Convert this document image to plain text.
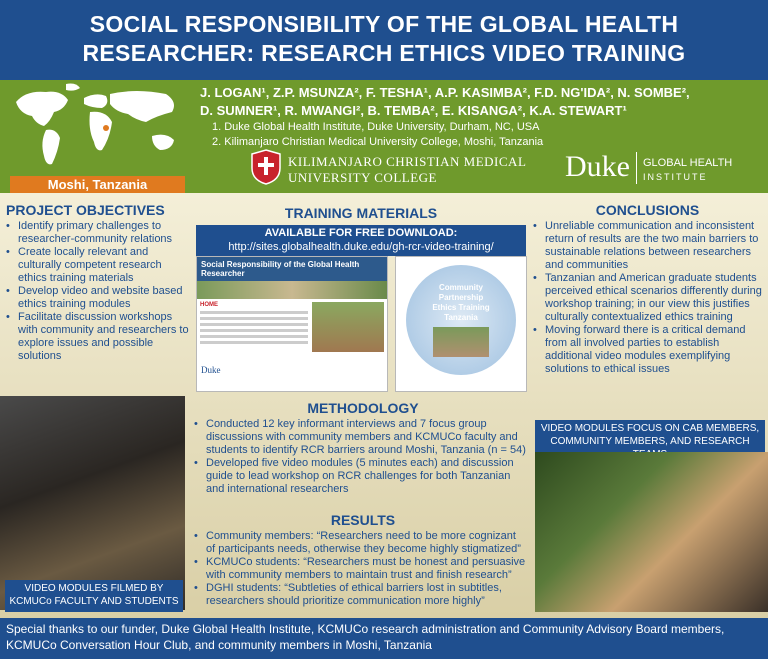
SOCIAL RESPONSIBILITY OF THE GLOBAL HEALTH
RESEARCHER: RESEARCH ETHICS VIDEO TRAINING
Moshi, Tanzania
J. LOGAN¹, Z.P. MSUNZA², F. TESHA¹, A.P. KASIMBA², F.D. NG'IDA², N. SOMBE²,
D. SUMNER¹, R. MWANGI², B. TEMBA², E. KISANGA², K.A. STEWART¹
1. Duke Global Health Institute, Duke University, Durham, NC, USA
2. Kilimanjaro Christian Medical University College, Moshi, Tanzania
KILIMANJARO CHRISTIAN MEDICAL
UNIVERSITY COLLEGE	Duke GLOBAL HEALTH
INSTITUTE
PROJECT OBJECTIVES
• Identify primary challenges to researcher-community relations
• Create locally relevant and culturally competent research ethics training materials
• Develop video and website based ethics training modules
• Facilitate discussion workshops with community and researchers to explore issues and possible solutions
TRAINING MATERIALS
AVAILABLE FOR FREE DOWNLOAD:
http://sites.globalhealth.duke.edu/gh-rcr-video-training/
Social Responsibility of the Global Health Researcher
HOME
Duke
Community Partnership Ethics Training Tanzania
CONCLUSIONS
• Unreliable communication and inconsistent return of results are the two main barriers to sustainable relations between researchers and communities
• Tanzanian and American graduate students perceived ethical scenarios differently during workshop training; in our view this justifies culturally contextualized ethics training
• Moving forward there is a critical demand from all involved parties to establish additional video modules exemplifying solutions to ethical issues
VIDEO MODULES FILMED BY
KCMUCo FACULTY AND STUDENTS
METHODOLOGY
• Conducted 12 key informant interviews and 7 focus group discussions with community members and KCMUCo faculty and students to identify RCR barriers around Moshi, Tanzania (n = 54)
• Developed five video modules (5 minutes each) and discussion guide to lead workshop on RCR challenges for both Tanzanian and international researchers
RESULTS
• Community members: “Researchers need to be more cognizant of participants needs, otherwise they become highly stigmatized”
• KCMUCo students: “Researchers must be honest and persuasive with community members to maintain trust and finish research”
• DGHI students: “Subtleties of ethical barriers lost in subtitles, researchers should prioritize communication more highly”
VIDEO MODULES FOCUS ON CAB MEMBERS,
COMMUNITY MEMBERS, AND RESEARCH
Special thanks to our funder, Duke Global Health Institute, KCMUCo research administration and Community Advisory Board members, KCMUCo Conversation Hour Club, and community members in Moshi, Tanzania
